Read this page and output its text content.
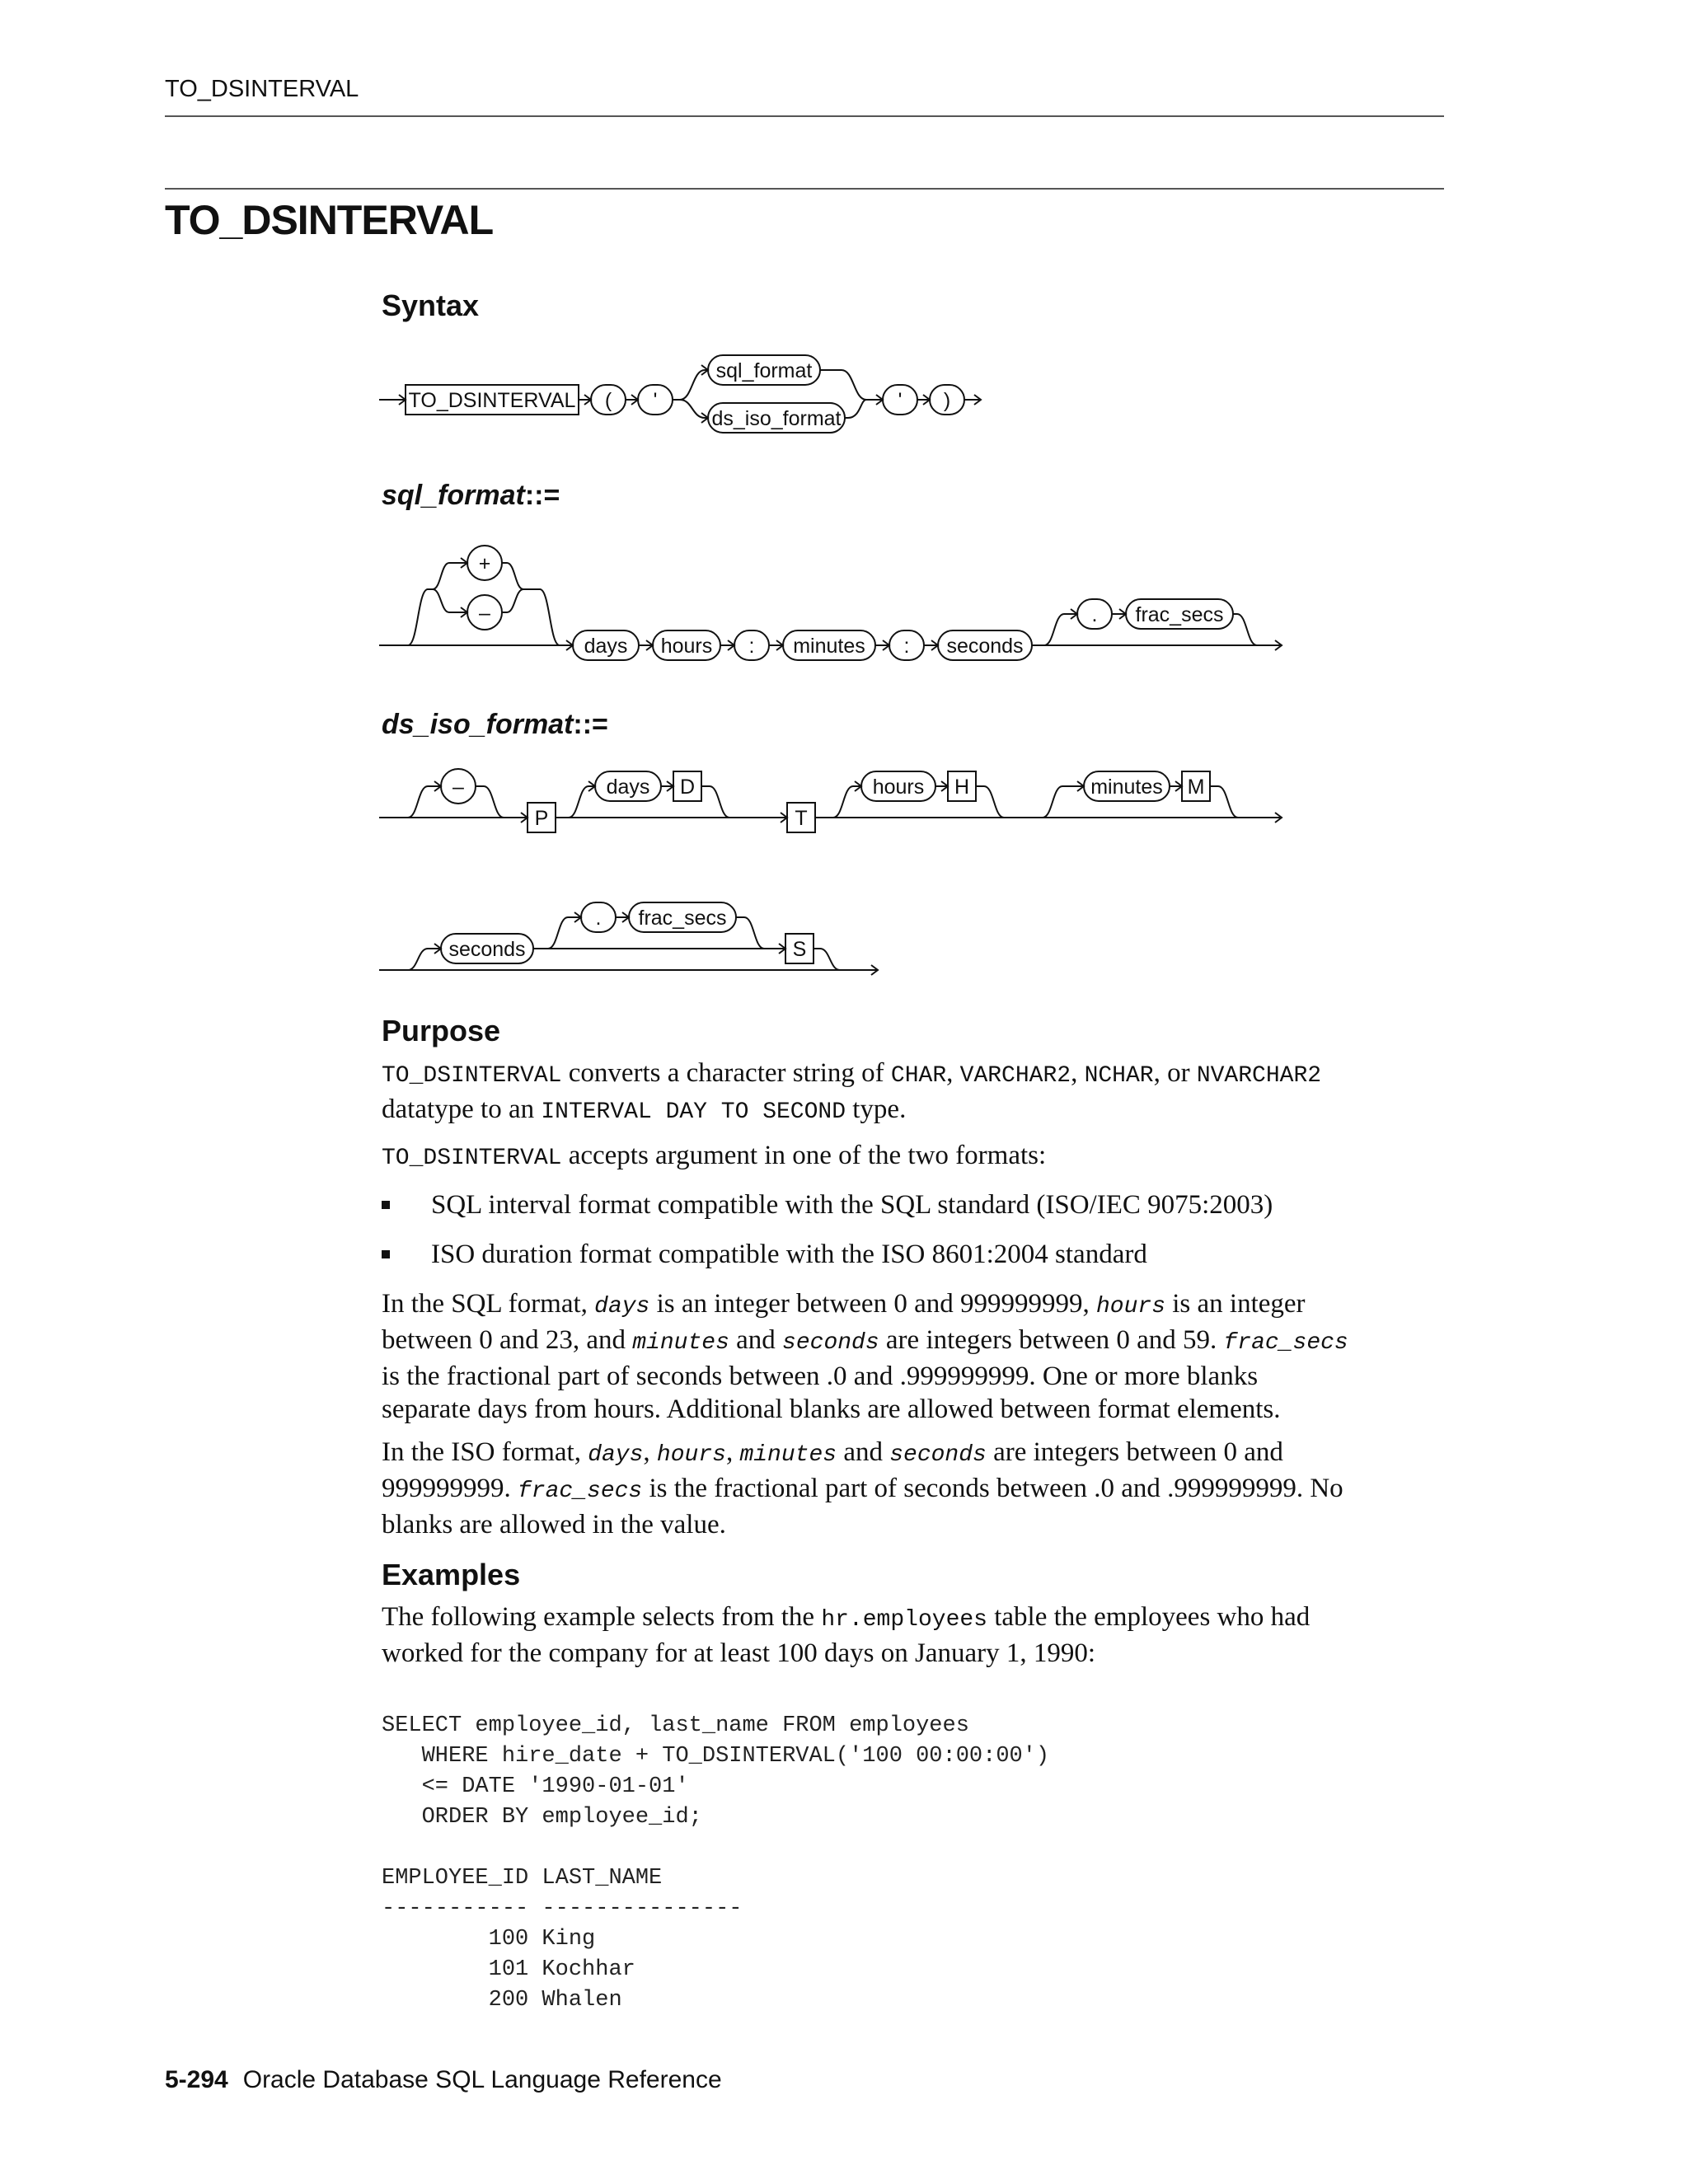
TO_DSINTERVAL
TO_DSINTERVAL
Syntax
TO_DSINTERVAL ( '
sql_format
ds_iso_format
' )
sql_format::=
+
–
days hours : minutes : seconds
. frac_secs
ds_iso_format::=
–
P
days D
T
hours H	minutes M
seconds
. frac_secs
S
Purpose
TO_DSINTERVAL converts a character string of CHAR, VARCHAR2, NCHAR, or NVARCHAR2
datatype to an INTERVAL DAY TO SECOND type.
TO_DSINTERVAL accepts argument in one of the two formats:
SQL interval format compatible with the SQL standard (ISO/IEC 9075:2003)
ISO duration format compatible with the ISO 8601:2004 standard
In the SQL format, days is an integer between 0 and 999999999, hours is an integer
between 0 and 23, and minutes and seconds are integers between 0 and 59. frac_secs
is the fractional part of seconds between .0 and .999999999. One or more blanks
separate days from hours. Additional blanks are allowed between format elements.
In the ISO format, days, hours, minutes and seconds are integers between 0 and
999999999. frac_secs is the fractional part of seconds between .0 and .999999999. No
blanks are allowed in the value.
Examples
The following example selects from the hr.employees table the employees who had
worked for the company for at least 100 days on January 1, 1990:
SELECT employee_id, last_name FROM employees
WHERE hire_date + TO_DSINTERVAL('100 00:00:00')
<= DATE '1990-01-01'
ORDER BY employee_id;

EMPLOYEE_ID LAST_NAME
----------- ---------------
100 King
101 Kochhar
200 Whalen
5-294 Oracle Database SQL Language Reference
